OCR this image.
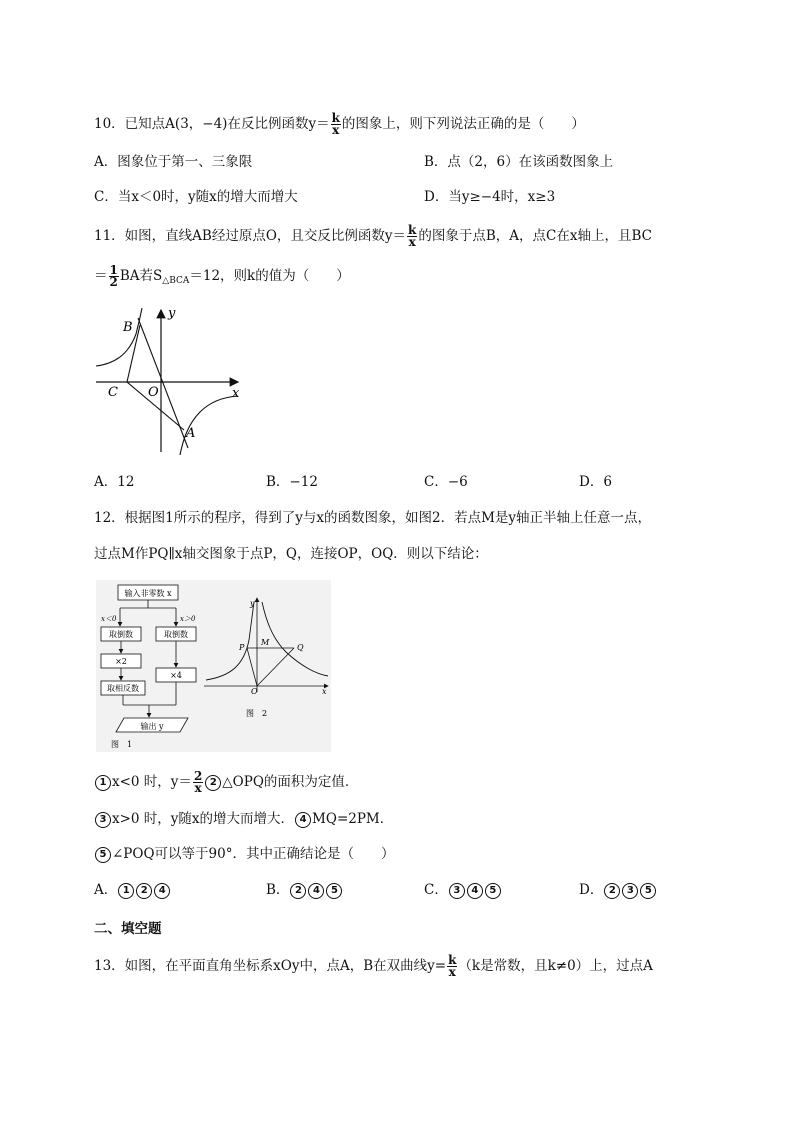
10．已知点A(3，−4)在反比例函数$y= \frac{k}{x}$ 的图象上，则下列说法正确的是（　　）
A．图象位于第一、三象限	B．点（2，6）在该函数图象上
C．当x＜0时，y随x的增大而增大	D．当y≥−4时，x≥3
11．如图，直线AB经过原点O，且交反比例函数$y= \frac{k}{x}$ 的图象于点B，A，点C在x轴上，且BC
＝ $\frac{1}{2}$ BA若$S_{\triangle BCA}=12$，则k的值为（　　）
B
C O
A
x
y
A．12	B．−12	C．−6	D．6
12．根据图1所示的程序，得到了y与x的函数图象，如图2．若点M是y轴正半轴上任意一点，
过点M作PQ∥x轴交图象于点P，Q，连接OP，OQ．则以下结论：
输入非零数 x
x＜0	x＞0
取倒数	取倒数
×2
×4
取相反数
输出 y
图　1
P
M
Q
O	x
y
图　2
1 x<0 时，$y= \frac{2}{x} 2$ △OPQ的面积为定值．
3 x>0 时，y随x的增大而增大． 4 MQ=2PM．
5 ∠POQ可以等于90°．其中正确结论是（　　）
A． 1 2 4	B． 2 4 5	C． 3 4 5	D． 2 3 5
二、填空题
13．如图，在平面直角坐标系xOy中，点A，B在双曲线$y= \frac{k}{x} (k$是常数，且k≠0）上，过点A
